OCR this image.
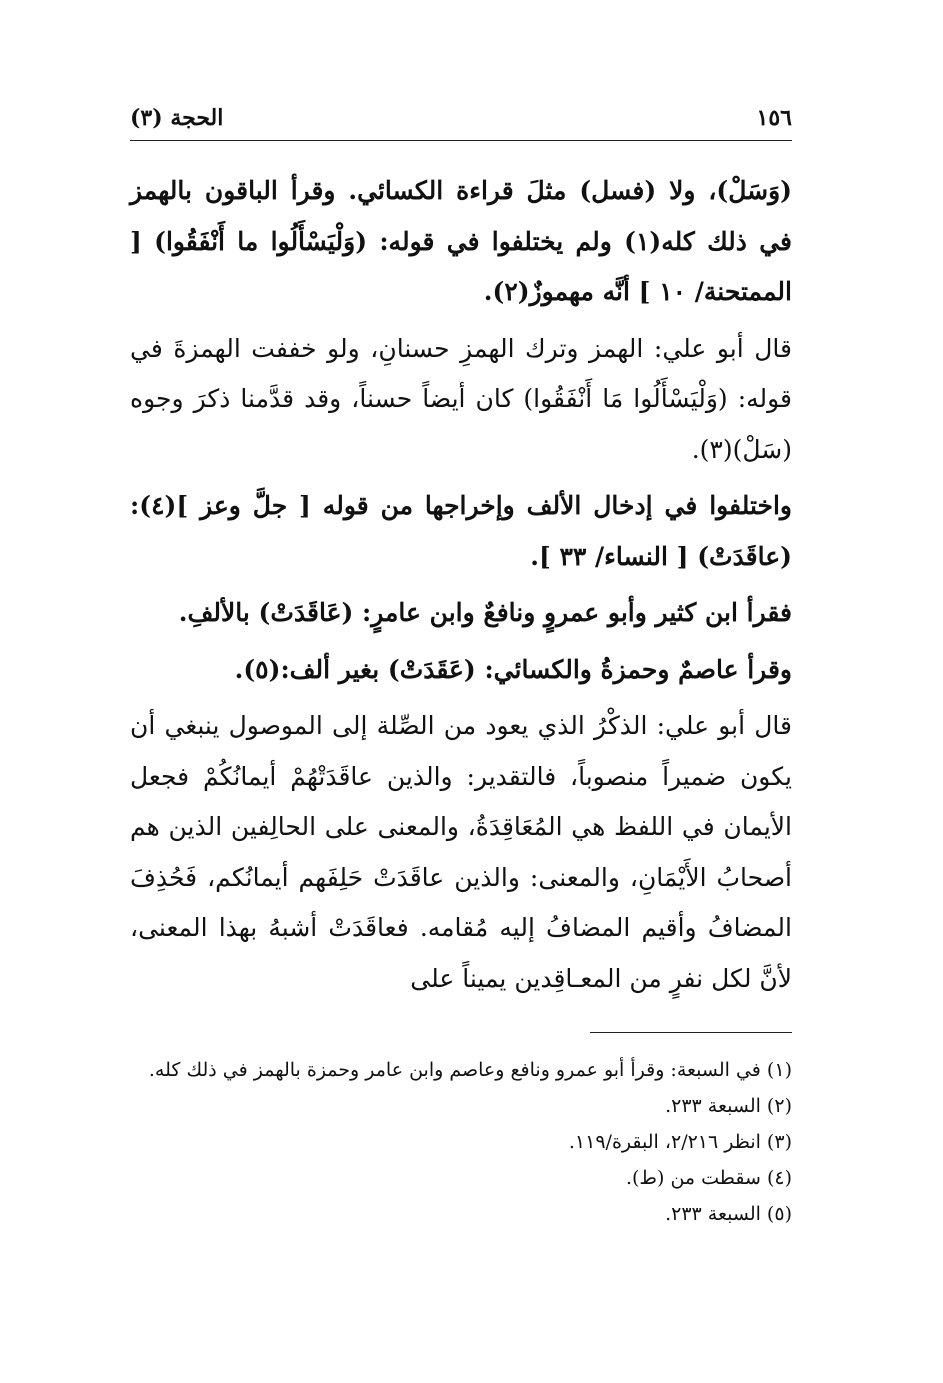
١٥٦
الحجة (٣)

(وَسَلْ)، ولا (فسل) مثلَ قراءة الكسائي. وقرأ الباقون بالهمز في ذلك كله(١) ولم يختلفوا في قوله: (وَلْيَسْأَلُوا ما أَنْفَقُوا) [ الممتحنة/ ١٠ ] أنَّه مهموزٌ(٢).

قال أبو علي: الهمز وترك الهمزِ حسنانِ، ولو خففت الهمزةَ في قوله: (وَلْيَسْأَلُوا مَا أَنْفَقُوا) كان أيضاً حسناً، وقد قدَّمنا ذكرَ وجوه (سَلْ)(٣).

واختلفوا في إدخال الألف وإخراجها من قوله [ جلَّ وعز ](٤): (عاقَدَتْ) [ النساء/ ٣٣ ].

فقرأ ابن كثير وأبو عمروٍ ونافعٌ وابن عامرٍ: (عَاقَدَتْ) بالألفِ.

وقرأ عاصمٌ وحمزةُ والكسائي: (عَقَدَتْ) بغير ألف:(٥).

قال أبو علي: الذكْرُ الذي يعود من الصِّلة إلى الموصول ينبغي أن يكون ضميراً منصوباً، فالتقدير: والذين عاقَدَتْهُمْ أيمانُكُمْ فجعل الأيمان في اللفظ هي المُعَاقِدَةُ، والمعنى على الحالِفين الذين هم أصحابُ الأَيْمَانِ، والمعنى: والذين عاقَدَتْ حَلِفَهم أيمانُكم، فَحُذِفَ المضافُ وأقيم المضافُ إليه مُقامه. فعاقَدَتْ أشبهُ بهذا المعنى، لأنَّ لكل نفرٍ من المعـاقِدين يميناً على

(١) في السبعة: وقرأ أبو عمرو ونافع وعاصم وابن عامر وحمزة بالهمز في ذلك كله.

(٢) السبعة ٢٣٣.

(٣) انظر ٢/٢١٦، البقرة/١١٩.

(٤) سقطت من (ط).

(٥) السبعة ٢٣٣.
